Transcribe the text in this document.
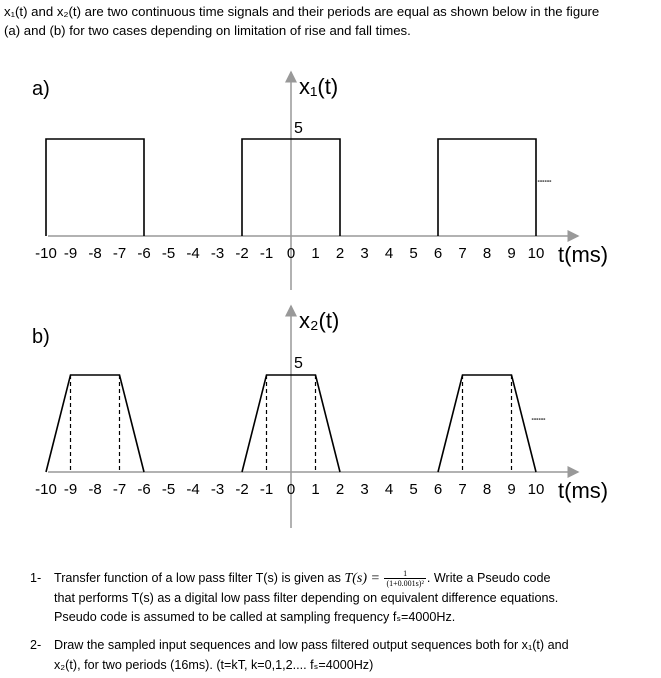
x₁(t) and x₂(t) are two continuous time signals and their periods are equal as shown below in the figure
(a) and (b) for two cases depending on limitation of rise and fall times.
a)	x₁(t)
5
-10 -9 -8 -7 -6 -5 -4 -3 -2 -1 0 1 2 3 4 5 6 7 8 9 10
......
t(ms)
b)
x₂(t)
5
-10 -9 -8 -7 -6 -5 -4 -3 -2 -1 0 1 2 3 4 5 6 7 8 9 10
......
t(ms)
1- Transfer function of a low pass filter T(s) is given as $T(s) = \frac{1}{\text{(1+0.001s)²}}$ . Write a Pseudo code
that performs T(s) as a digital low pass filter depending on equivalent difference equations.
Pseudo code is assumed to be called at sampling frequency fₛ=4000Hz.
2- Draw the sampled input sequences and low pass filtered output sequences both for x₁(t) and
x₂(t), for two periods (16ms). (t=kT, k=0,1,2.... fₛ=4000Hz)
